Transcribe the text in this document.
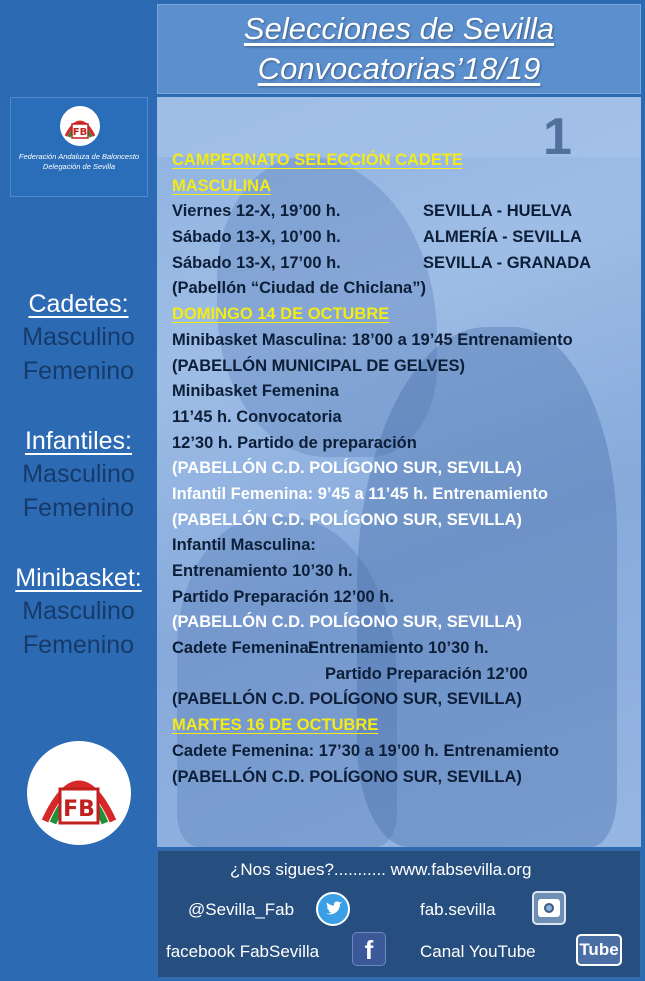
Selecciones de Sevilla
Convocatorias’18/19
FB
Federación Andaluza de Baloncesto
Delegación de Sevilla
Cadetes:
Masculino
Femenino
Infantiles:
Masculino
Femenino
Minibasket:
Masculino
Femenino
FB
1
CAMPEONATO SELECCIÓN CADETE
MASCULINA
Viernes 12-X, 19’00 h.	SEVILLA - HUELVA
Sábado 13-X, 10’00 h.	ALMERÍA - SEVILLA
Sábado 13-X, 17’00 h.	SEVILLA - GRANADA
(Pabellón “Ciudad de Chiclana”)
DOMINGO 14 DE OCTUBRE
Minibasket Masculina: 18’00 a 19’45 Entrenamiento
(PABELLÓN MUNICIPAL DE GELVES)
Minibasket Femenina
11’45 h. Convocatoria
12’30 h. Partido de preparación
(PABELLÓN C.D. POLÍGONO SUR, SEVILLA)
Infantil Femenina: 9’45 a 11’45 h. Entrenamiento
(PABELLÓN C.D. POLÍGONO SUR, SEVILLA)
Infantil Masculina:
Entrenamiento 10’30 h.
Partido Preparación 12’00 h.
(PABELLÓN C.D. POLÍGONO SUR, SEVILLA)
Cadete Femenina:
Entrenamiento 10’30 h.
Partido Preparación 12’00
(PABELLÓN C.D. POLÍGONO SUR, SEVILLA)
MARTES 16 DE OCTUBRE
Cadete Femenina: 17’30 a 19’00 h. Entrenamiento
(PABELLÓN C.D. POLÍGONO SUR, SEVILLA)
¿Nos sigues?........... www.fabsevilla.org
@Sevilla_Fab	fab.sevilla
facebook FabSevilla	f	Canal YouTube	Tube
